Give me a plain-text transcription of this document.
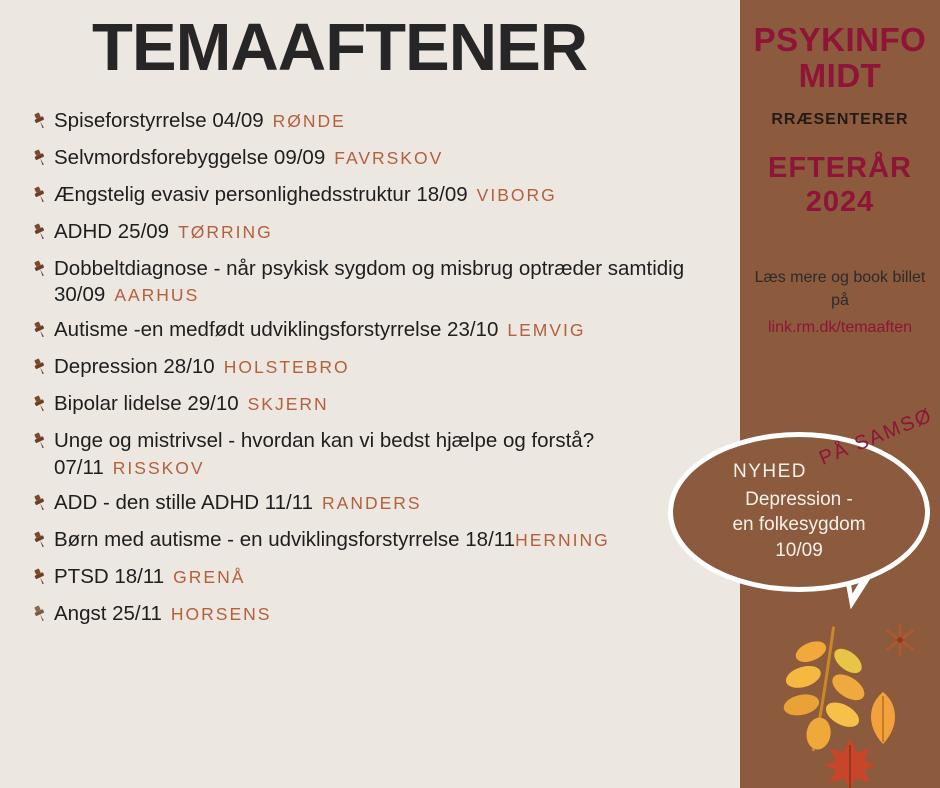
PSYKINFO
MIDT
RRÆSENTERER
EFTERÅR
2024
Læs mere og book billet på
link.rm.dk/temaaften
TEMAAFTENER
Spiseforstyrrelse 04/09 RØNDE
Selvmordsforebyggelse 09/09 FAVRSKOV
Ængstelig evasiv personlighedsstruktur 18/09 VIBORG
ADHD 25/09 TØRRING
Dobbeltdiagnose - når psykisk sygdom og misbrug optræder samtidig 30/09 AARHUS
Autisme -en medfødt udviklingsforstyrrelse 23/10 LEMVIG
Depression 28/10 HOLSTEBRO
Bipolar lidelse 29/10 SKJERN
Unge og mistrivsel - hvordan kan vi bedst hjælpe og forstå? 07/11 RISSKOV
ADD - den stille ADHD 11/11 RANDERS
Børn med autisme - en udviklingsforstyrrelse 18/11HERNING
PTSD 18/11 GRENÅ
Angst 25/11 HORSENS
NYHED
Depression -
en folkesygdom
10/09
PÅ SAMSØ
